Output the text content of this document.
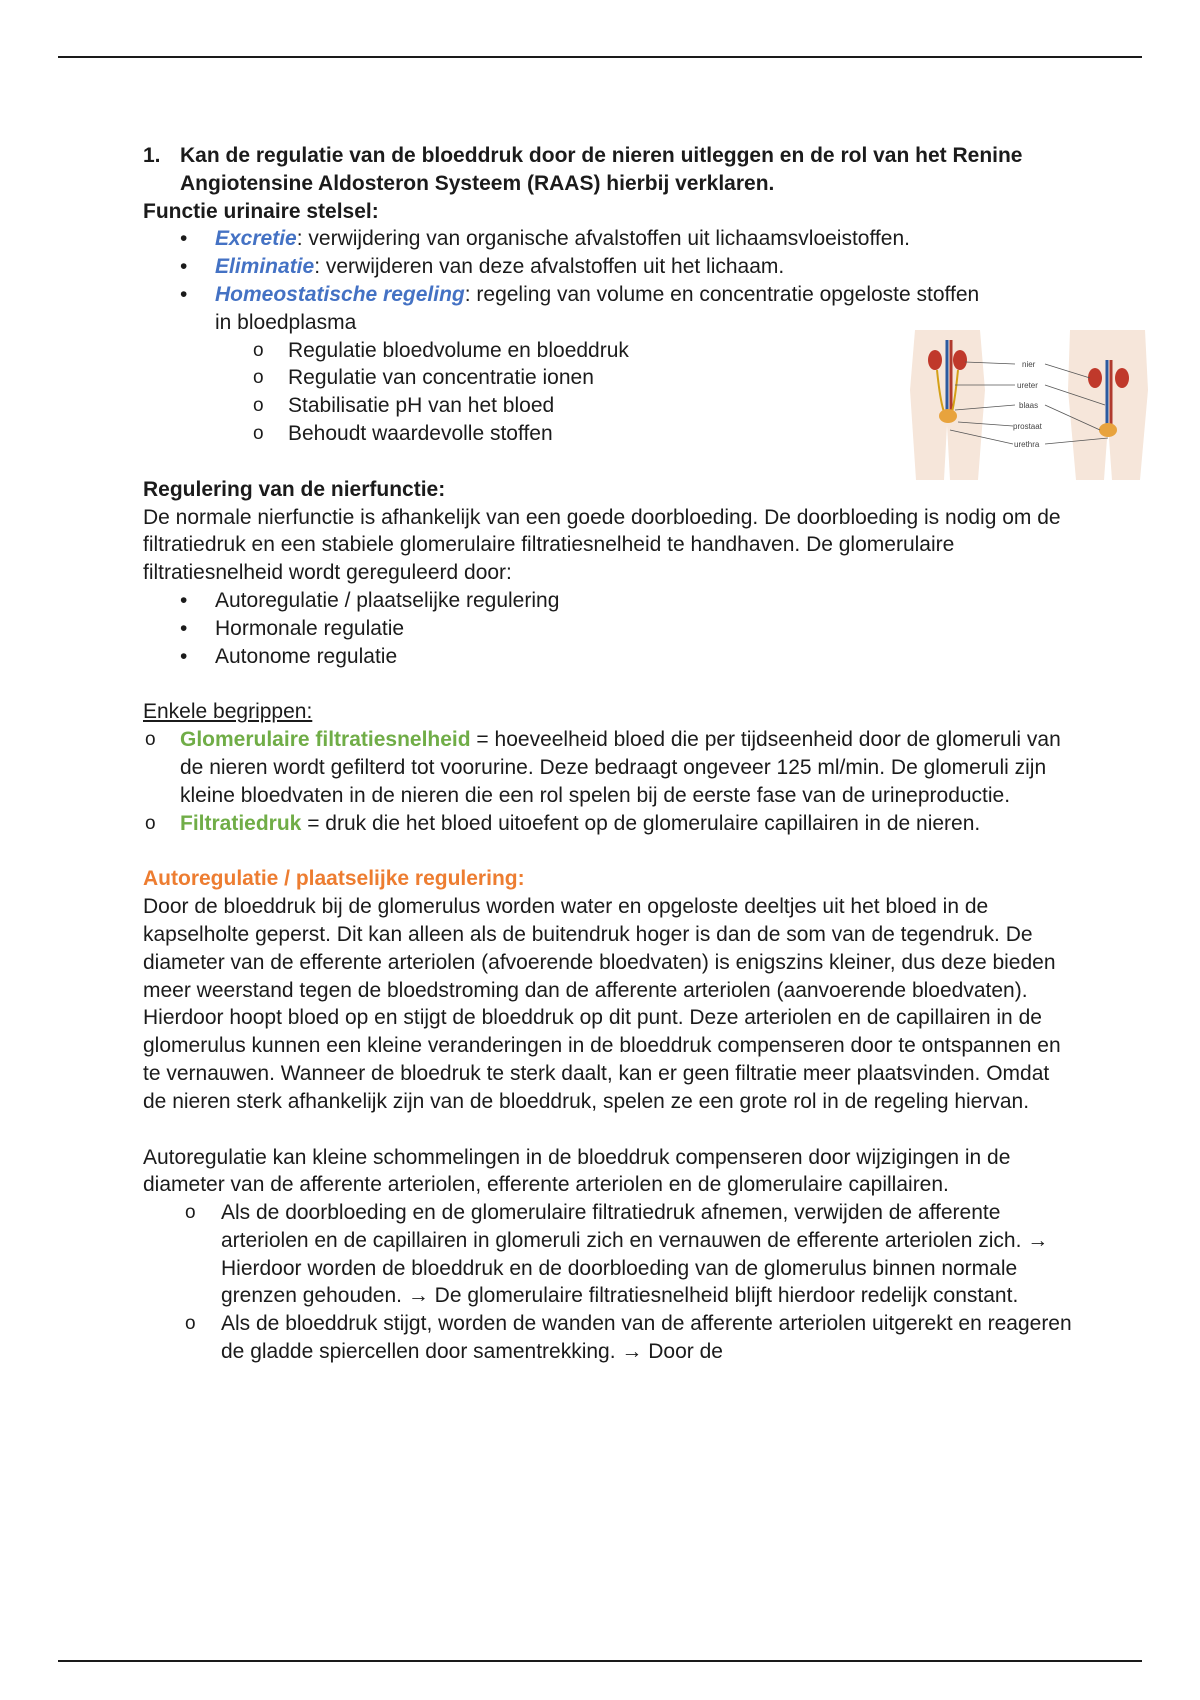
1. Kan de regulatie van de bloeddruk door de nieren uitleggen en de rol van het Renine Angiotensine Aldosteron Systeem (RAAS) hierbij verklaren.

Functie urinaire stelsel:

• Excretie: verwijdering van organische afvalstoffen uit lichaamsvloeistoffen.
• Eliminatie: verwijderen van deze afvalstoffen uit het lichaam.
• Homeostatische regeling: regeling van volume en concentratie opgeloste stoffen in bloedplasma
o Regulatie bloedvolume en bloeddruk
o Regulatie van concentratie ionen
o Stabilisatie pH van het bloed
o Behoudt waardevolle stoffen

Regulering van de nierfunctie:

De normale nierfunctie is afhankelijk van een goede doorbloeding. De doorbloeding is nodig om de filtratiedruk en een stabiele glomerulaire filtratiesnelheid te handhaven. De glomerulaire filtratiesnelheid wordt gereguleerd door:

• Autoregulatie / plaatselijke regulering
• Hormonale regulatie
• Autonome regulatie

Enkele begrippen:

o Glomerulaire filtratiesnelheid = hoeveelheid bloed die per tijdseenheid door de glomeruli van de nieren wordt gefilterd tot voorurine. Deze bedraagt ongeveer 125 ml/min. De glomeruli zijn kleine bloedvaten in de nieren die een rol spelen bij de eerste fase van de urineproductie.
o Filtratiedruk = druk die het bloed uitoefent op de glomerulaire capillairen in de nieren.

Autoregulatie / plaatselijke regulering:

Door de bloeddruk bij de glomerulus worden water en opgeloste deeltjes uit het bloed in de kapselholte geperst. Dit kan alleen als de buitendruk hoger is dan de som van de tegendruk. De diameter van de efferente arteriolen (afvoerende bloedvaten) is enigszins kleiner, dus deze bieden meer weerstand tegen de bloedstroming dan de afferente arteriolen (aanvoerende bloedvaten). Hierdoor hoopt bloed op en stijgt de bloeddruk op dit punt. Deze arteriolen en de capillairen in de glomerulus kunnen een kleine veranderingen in de bloeddruk compenseren door te ontspannen en te vernauwen. Wanneer de bloedruk te sterk daalt, kan er geen filtratie meer plaatsvinden. Omdat de nieren sterk afhankelijk zijn van de bloeddruk, spelen ze een grote rol in de regeling hiervan.

Autoregulatie kan kleine schommelingen in de bloeddruk compenseren door wijzigingen in de diameter van de afferente arteriolen, efferente arteriolen en de glomerulaire capillairen.

o Als de doorbloeding en de glomerulaire filtratiedruk afnemen, verwijden de afferente arteriolen en de capillairen in glomeruli zich en vernauwen de efferente arteriolen zich. → Hierdoor worden de bloeddruk en de doorbloeding van de glomerulus binnen normale grenzen gehouden. → De glomerulaire filtratiesnelheid blijft hierdoor redelijk constant.
o Als de bloeddruk stijgt, worden de wanden van de afferente arteriolen uitgerekt en reageren de gladde spiercellen door samentrekking. → Door de
nier
ureter
blaas
prostaat
urethra
